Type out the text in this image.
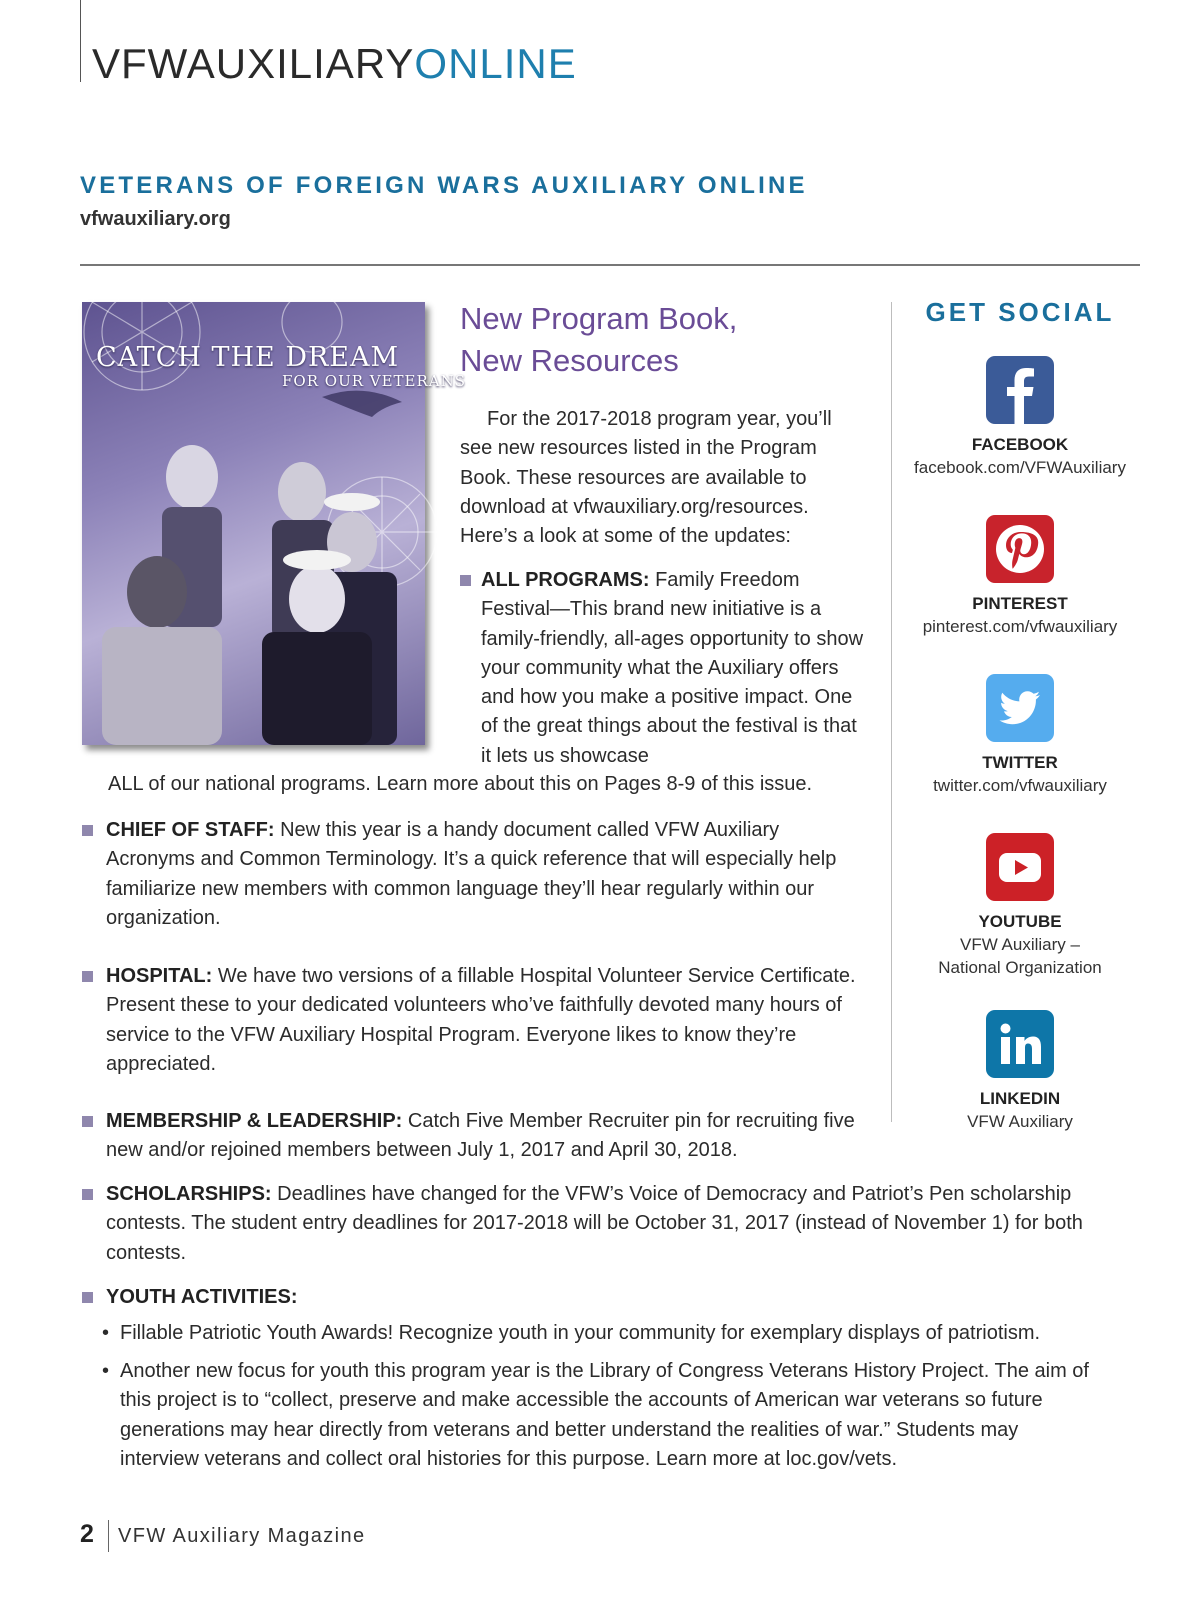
VFWAUXILIARYONLINE
VETERANS OF FOREIGN WARS AUXILIARY ONLINE
vfwauxiliary.org
CATCH THE DREAM
FOR OUR VETERANS
New Program Book,
New Resources

For the 2017-2018 program year, you’ll see new resources listed in the Program Book. These resources are available to download at vfwauxiliary.org/resources. Here’s a look at some of the updates:

ALL PROGRAMS: Family Freedom Festival—This brand new initiative is a family-friendly, all-ages opportunity to show your community what the Auxiliary offers and how you make a positive impact. One of the great things about the festival is that it lets us showcase
ALL of our national programs. Learn more about this on Pages 8-9 of this issue.
CHIEF OF STAFF: New this year is a handy document called VFW Auxiliary Acronyms and Common Terminology. It’s a quick reference that will especially help familiarize new members with common language they’ll hear regularly within our organization.
HOSPITAL: We have two versions of a fillable Hospital Volunteer Service Certificate. Present these to your dedicated volunteers who’ve faithfully devoted many hours of service to the VFW Auxiliary Hospital Program. Everyone likes to know they’re appreciated.
MEMBERSHIP & LEADERSHIP: Catch Five Member Recruiter pin for recruiting five new and/or rejoined members between July 1, 2017 and April 30, 2018.
SCHOLARSHIPS: Deadlines have changed for the VFW’s Voice of Democracy and Patriot’s Pen scholarship contests. The student entry deadlines for 2017-2018 will be October 31, 2017 (instead of November 1) for both contests.
YOUTH ACTIVITIES:
• Fillable Patriotic Youth Awards! Recognize youth in your community for exemplary displays of patriotism.
• Another new focus for youth this program year is the Library of Congress Veterans History Project. The aim of this project is to “collect, preserve and make accessible the accounts of American war veterans so future generations may hear directly from veterans and better understand the realities of war.” Students may interview veterans and collect oral histories for this purpose. Learn more at loc.gov/vets.
GET SOCIAL
FACEBOOK
facebook.com/VFWAuxiliary
PINTEREST
pinterest.com/vfwauxiliary
TWITTER
twitter.com/vfwauxiliary
YOUTUBE
VFW Auxiliary –
National Organization
LINKEDIN
VFW Auxiliary
2 VFW Auxiliary Magazine
